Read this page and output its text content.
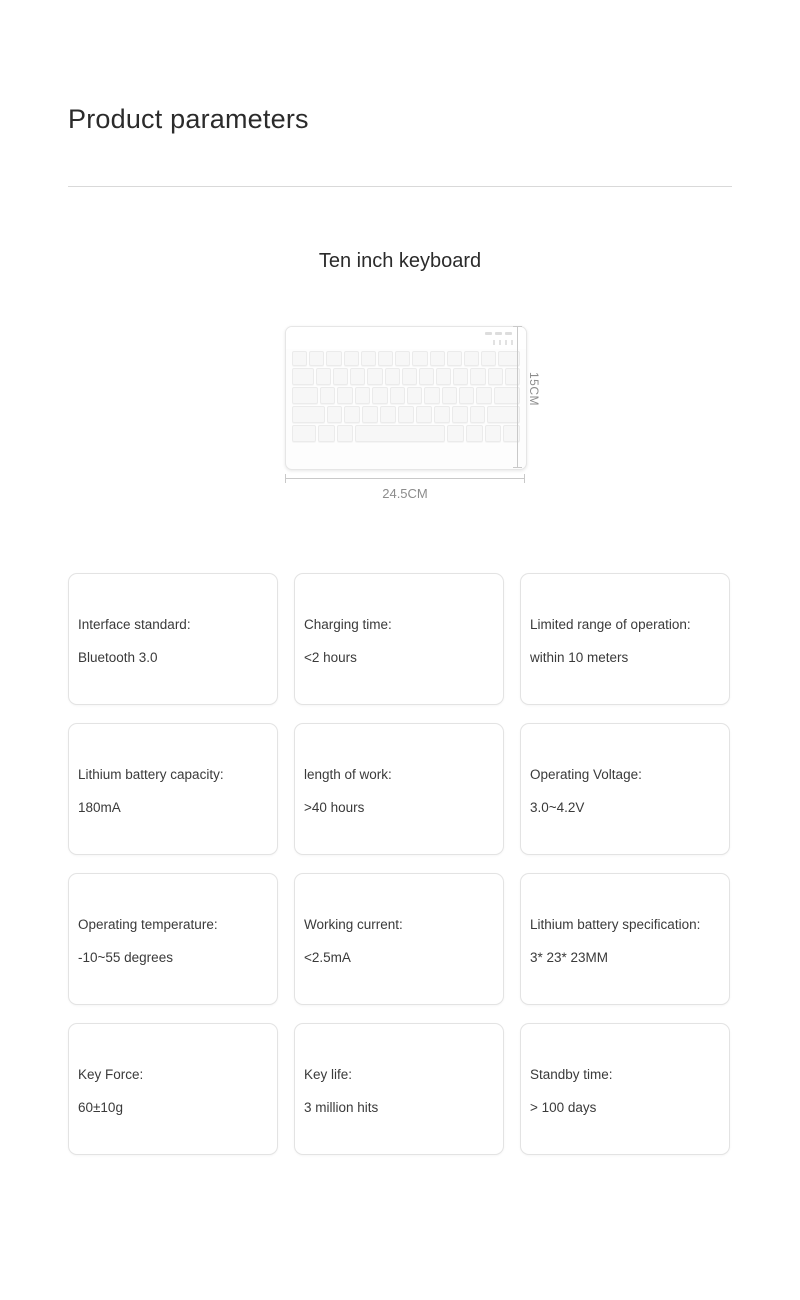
Product parameters
Ten inch keyboard
15CM
24.5CM
Interface standard:
Bluetooth 3.0
Charging time:
<2 hours
Limited range of operation:
within 10 meters
Lithium battery capacity:
180mA
length of work:
>40 hours
Operating Voltage:
3.0~4.2V
Operating temperature:
-10~55 degrees
Working current:
<2.5mA
Lithium battery specification:
3* 23* 23MM
Key Force:
60±10g
Key life:
3 million hits
Standby time:
> 100 days
